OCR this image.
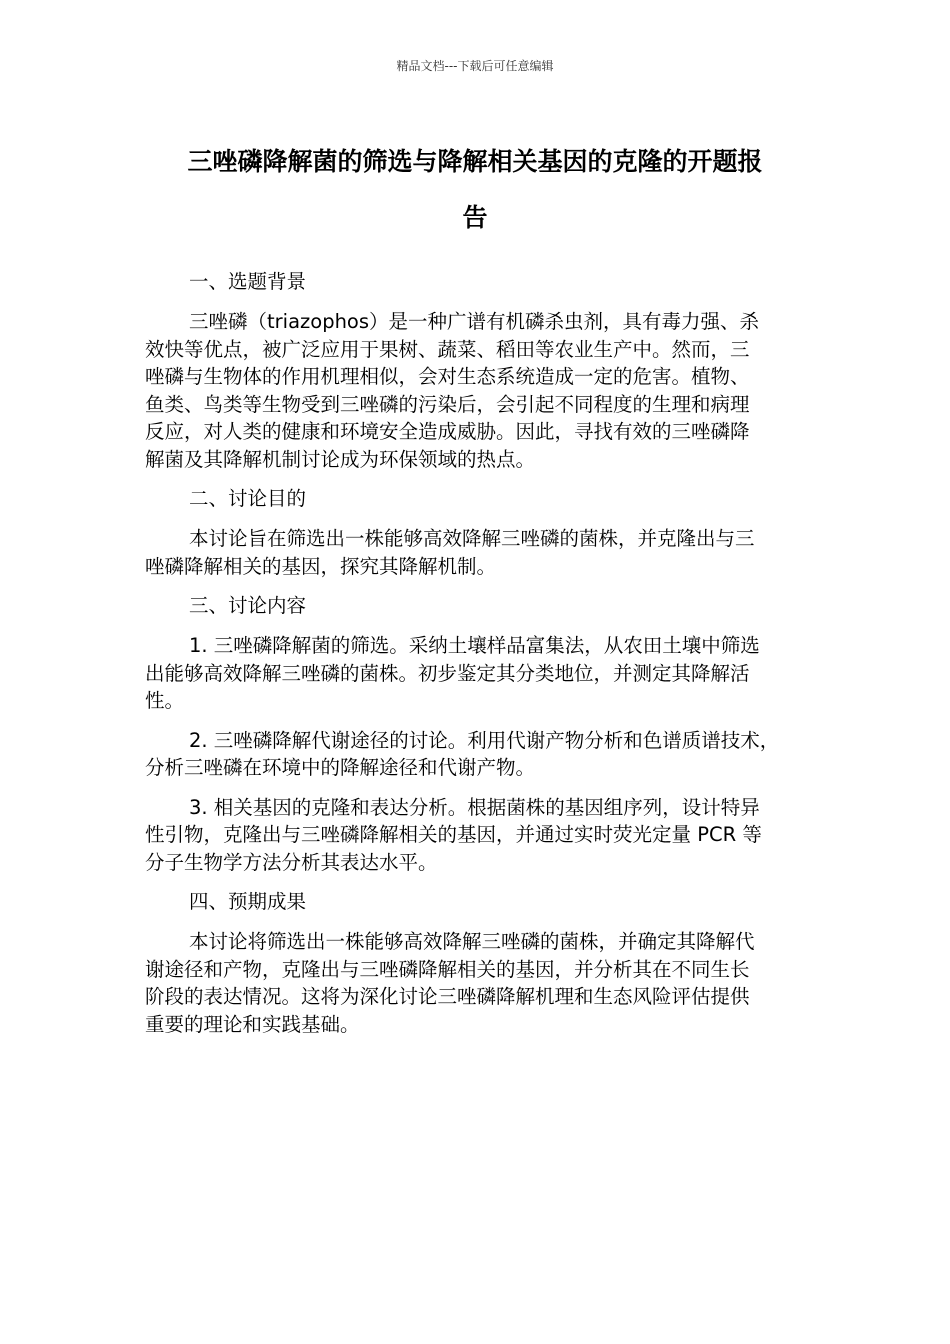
精品文档---下载后可任意编辑
三唑磷降解菌的筛选与降解相关基因的克隆的开题报
告
一、选题背景
三唑磷（triazophos）是一种广谱有机磷杀虫剂，具有毒力强、杀
效快等优点，被广泛应用于果树、蔬菜、稻田等农业生产中。然而，三
唑磷与生物体的作用机理相似，会对生态系统造成一定的危害。植物、
鱼类、鸟类等生物受到三唑磷的污染后，会引起不同程度的生理和病理
反应，对人类的健康和环境安全造成威胁。因此，寻找有效的三唑磷降
解菌及其降解机制讨论成为环保领域的热点。
二、讨论目的
本讨论旨在筛选出一株能够高效降解三唑磷的菌株，并克隆出与三
唑磷降解相关的基因，探究其降解机制。
三、讨论内容
1. 三唑磷降解菌的筛选。采纳土壤样品富集法，从农田土壤中筛选
出能够高效降解三唑磷的菌株。初步鉴定其分类地位，并测定其降解活
性。
2. 三唑磷降解代谢途径的讨论。利用代谢产物分析和色谱质谱技术，
分析三唑磷在环境中的降解途径和代谢产物。
3. 相关基因的克隆和表达分析。根据菌株的基因组序列，设计特异
性引物，克隆出与三唑磷降解相关的基因，并通过实时荧光定量 PCR 等
分子生物学方法分析其表达水平。
四、预期成果
本讨论将筛选出一株能够高效降解三唑磷的菌株，并确定其降解代
谢途径和产物，克隆出与三唑磷降解相关的基因，并分析其在不同生长
阶段的表达情况。这将为深化讨论三唑磷降解机理和生态风险评估提供
重要的理论和实践基础。
